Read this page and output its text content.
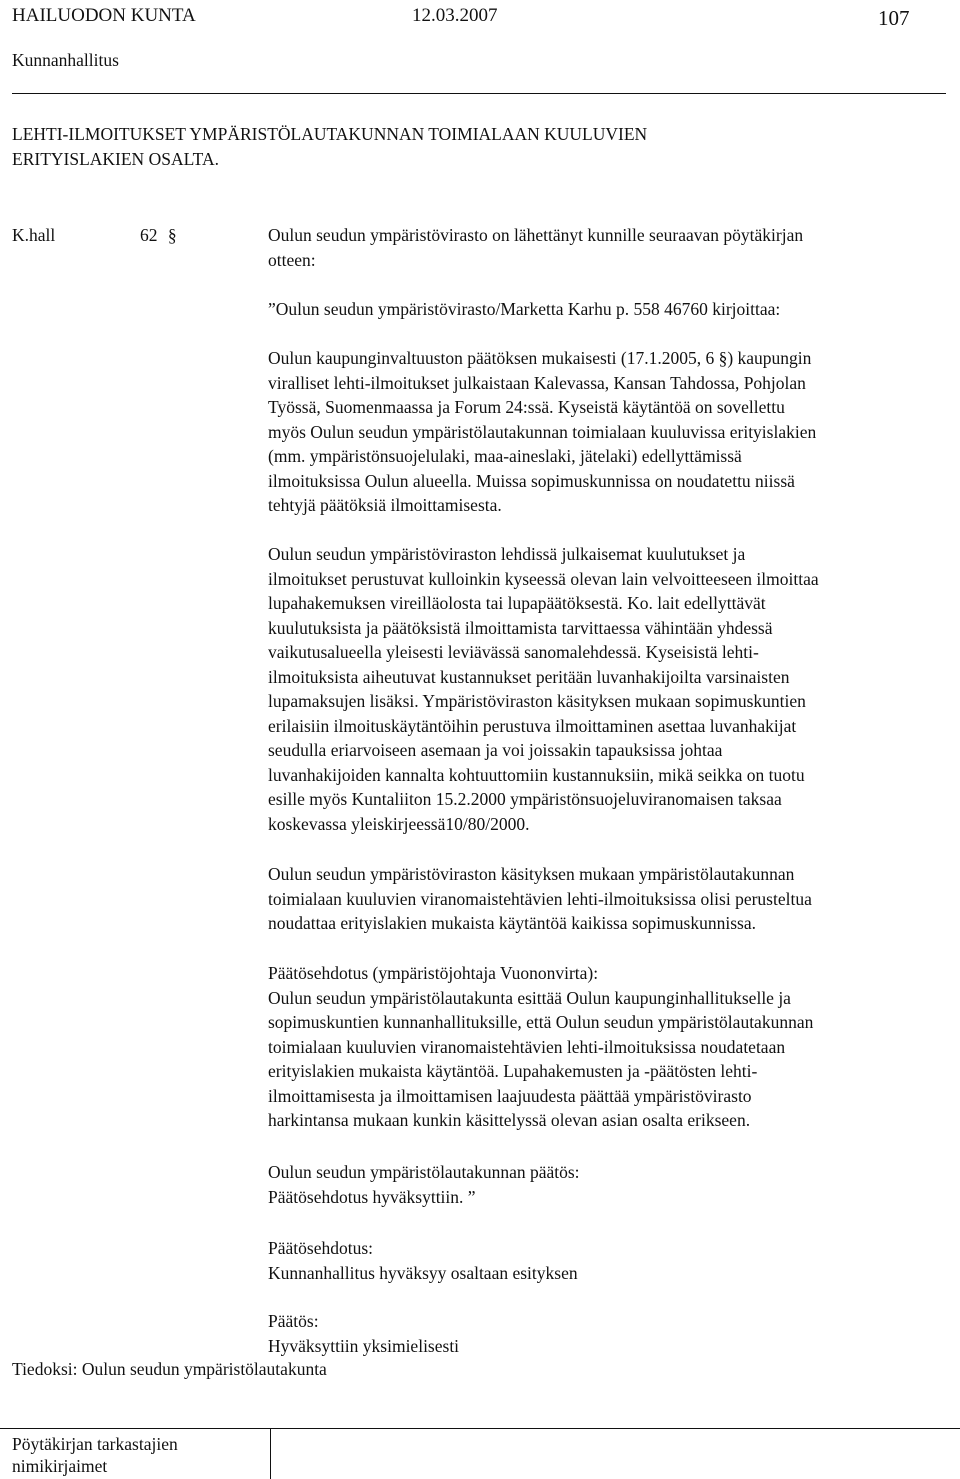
HAILUODON KUNTA	12.03.2007	107
Kunnanhallitus
LEHTI-ILMOITUKSET YMPÄRISTÖLAUTAKUNNAN TOIMIALAAN KUULUVIEN
ERITYISLAKIEN OSALTA.
K.hall	62 §	Oulun seudun ympäristövirasto on lähettänyt kunnille seuraavan pöytäkirjan
otteen:
”Oulun seudun ympäristövirasto/Marketta Karhu p. 558 46760 kirjoittaa:
Oulun kaupunginvaltuuston päätöksen mukaisesti (17.1.2005, 6 §) kaupungin
viralliset lehti-ilmoitukset julkaistaan Kalevassa, Kansan Tahdossa, Pohjolan
Työssä, Suomenmaassa ja Forum 24:ssä. Kyseistä käytäntöä on sovellettu
myös Oulun seudun ympäristölautakunnan toimialaan kuuluvissa erityislakien
(mm. ympäristönsuojelulaki, maa-aineslaki, jätelaki) edellyttämissä
ilmoituksissa Oulun alueella. Muissa sopimuskunnissa on noudatettu niissä
tehtyjä päätöksiä ilmoittamisesta.
Oulun seudun ympäristöviraston lehdissä julkaisemat kuulutukset ja
ilmoitukset perustuvat kulloinkin kyseessä olevan lain velvoitteeseen ilmoittaa
lupahakemuksen vireilläolosta tai lupapäätöksestä. Ko. lait edellyttävät
kuulutuksista ja päätöksistä ilmoittamista tarvittaessa vähintään yhdessä
vaikutusalueella yleisesti leviävässä sanomalehdessä. Kyseisistä lehti-
ilmoituksista aiheutuvat kustannukset peritään luvanhakijoilta varsinaisten
lupamaksujen lisäksi. Ympäristöviraston käsityksen mukaan sopimuskuntien
erilaisiin ilmoituskäytäntöihin perustuva ilmoittaminen asettaa luvanhakijat
seudulla eriarvoiseen asemaan ja voi joissakin tapauksissa johtaa
luvanhakijoiden kannalta kohtuuttomiin kustannuksiin, mikä seikka on tuotu
esille myös Kuntaliiton 15.2.2000 ympäristönsuojeluviranomaisen taksaa
koskevassa yleiskirjeessä10/80/2000.
Oulun seudun ympäristöviraston käsityksen mukaan ympäristölautakunnan
toimialaan kuuluvien viranomaistehtävien lehti-ilmoituksissa olisi perusteltua
noudattaa erityislakien mukaista käytäntöä kaikissa sopimuskunnissa.
Päätösehdotus (ympäristöjohtaja Vuononvirta):
Oulun seudun ympäristölautakunta esittää Oulun kaupunginhallitukselle ja
sopimuskuntien kunnanhallituksille, että Oulun seudun ympäristölautakunnan
toimialaan kuuluvien viranomaistehtävien lehti-ilmoituksissa noudatetaan
erityislakien mukaista käytäntöä. Lupahakemusten ja -päätösten lehti-
ilmoittamisesta ja ilmoittamisen laajuudesta päättää ympäristövirasto
harkintansa mukaan kunkin käsittelyssä olevan asian osalta erikseen.
Oulun seudun ympäristölautakunnan päätös:
Päätösehdotus hyväksyttiin. ”
Päätösehdotus:
Kunnanhallitus hyväksyy osaltaan esityksen
Päätös:
Hyväksyttiin yksimielisesti
Tiedoksi: Oulun seudun ympäristölautakunta
Pöytäkirjan tarkastajien
nimikirjaimet
